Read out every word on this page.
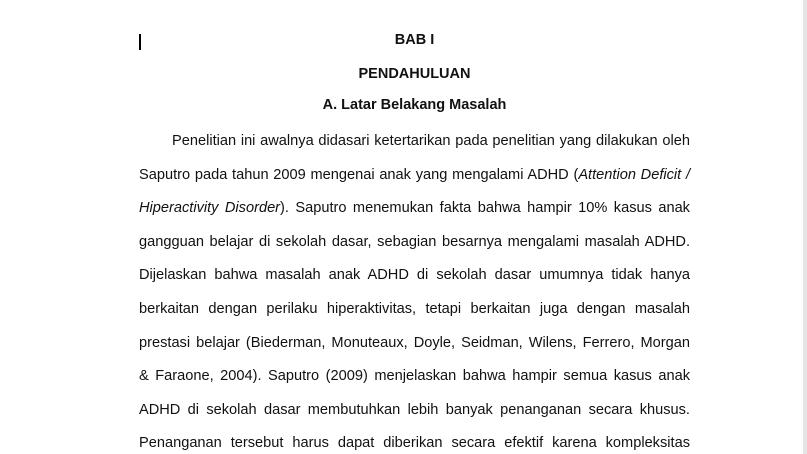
BAB I
PENDAHULUAN
A. Latar Belakang Masalah
Penelitian ini awalnya didasari ketertarikan pada penelitian yang dilakukan oleh
Saputro pada tahun 2009 mengenai anak yang mengalami ADHD (Attention Deficit /
Hiperactivity Disorder). Saputro menemukan fakta bahwa hampir 10% kasus anak
gangguan belajar di sekolah dasar, sebagian besarnya mengalami masalah ADHD.
Dijelaskan bahwa masalah anak ADHD di sekolah dasar umumnya tidak hanya
berkaitan dengan perilaku hiperaktivitas, tetapi berkaitan juga dengan masalah
prestasi belajar (Biederman, Monuteaux, Doyle, Seidman, Wilens, Ferrero, Morgan
& Faraone, 2004). Saputro (2009) menjelaskan bahwa hampir semua kasus anak
ADHD di sekolah dasar membutuhkan lebih banyak penanganan secara khusus.
Penanganan tersebut harus dapat diberikan secara efektif karena kompleksitas
